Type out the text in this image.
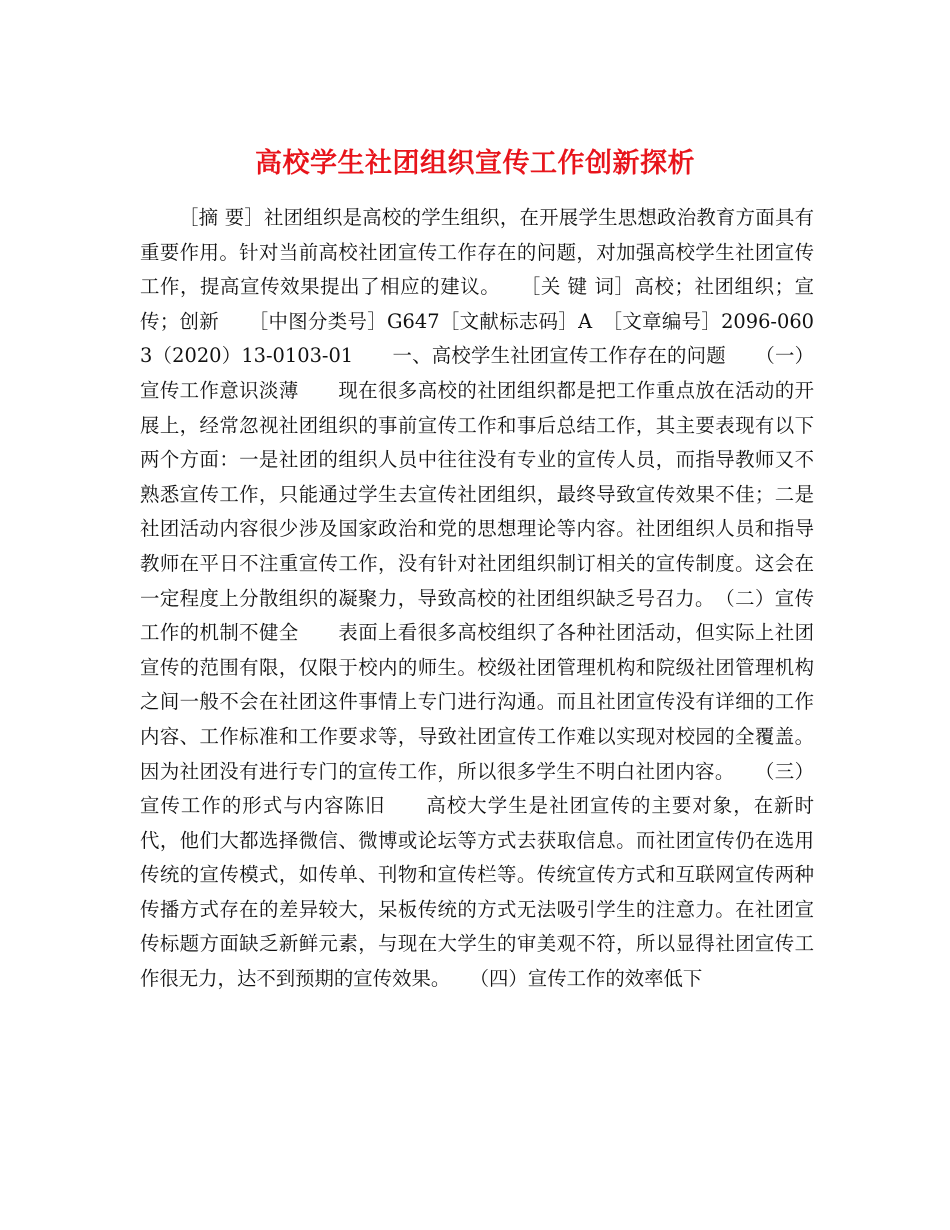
高校学生社团组织宣传工作创新探析

［摘 要］社团组织是高校的学生组织，在开展学生思想政治教育方面具有重要作用。针对当前高校社团宣传工作存在的问题，对加强高校学生社团宣传工作，提高宣传效果提出了相应的建议。　　［关 键 词］高校；社团组织；宣传；创新　　［中图分类号］G647［文献标志码］A　［文章编号］2096-0603（2020）13-0103-01　　一、高校学生社团宣传工作存在的问题　　（一）宣传工作意识淡薄　　现在很多高校的社团组织都是把工作重点放在活动的开展上，经常忽视社团组织的事前宣传工作和事后总结工作，其主要表现有以下两个方面：一是社团的组织人员中往往没有专业的宣传人员，而指导教师又不熟悉宣传工作，只能通过学生去宣传社团组织，最终导致宣传效果不佳；二是社团活动内容很少涉及国家政治和党的思想理论等内容。社团组织人员和指导教师在平日不注重宣传工作，没有针对社团组织制订相关的宣传制度。这会在一定程度上分散组织的凝聚力，导致高校的社团组织缺乏号召力。　（二）宣传工作的机制不健全　　表面上看很多高校组织了各种社团活动，但实际上社团宣传的范围有限，仅限于校内的师生。校级社团管理机构和院级社团管理机构之间一般不会在社团这件事情上专门进行沟通。而且社团宣传没有详细的工作内容、工作标准和工作要求等，导致社团宣传工作难以实现对校园的全覆盖。因为社团没有进行专门的宣传工作，所以很多学生不明白社团内容。　　（三）宣传工作的形式与内容陈旧　　高校大学生是社团宣传的主要对象，在新时代，他们大都选择微信、微博或论坛等方式去获取信息。而社团宣传仍在选用传统的宣传模式，如传单、刊物和宣传栏等。传统宣传方式和互联网宣传两种传播方式存在的差异较大，呆板传统的方式无法吸引学生的注意力。在社团宣传标题方面缺乏新鲜元素，与现在大学生的审美观不符，所以显得社团宣传工作很无力，达不到预期的宣传效果。　　（四）宣传工作的效率低下
